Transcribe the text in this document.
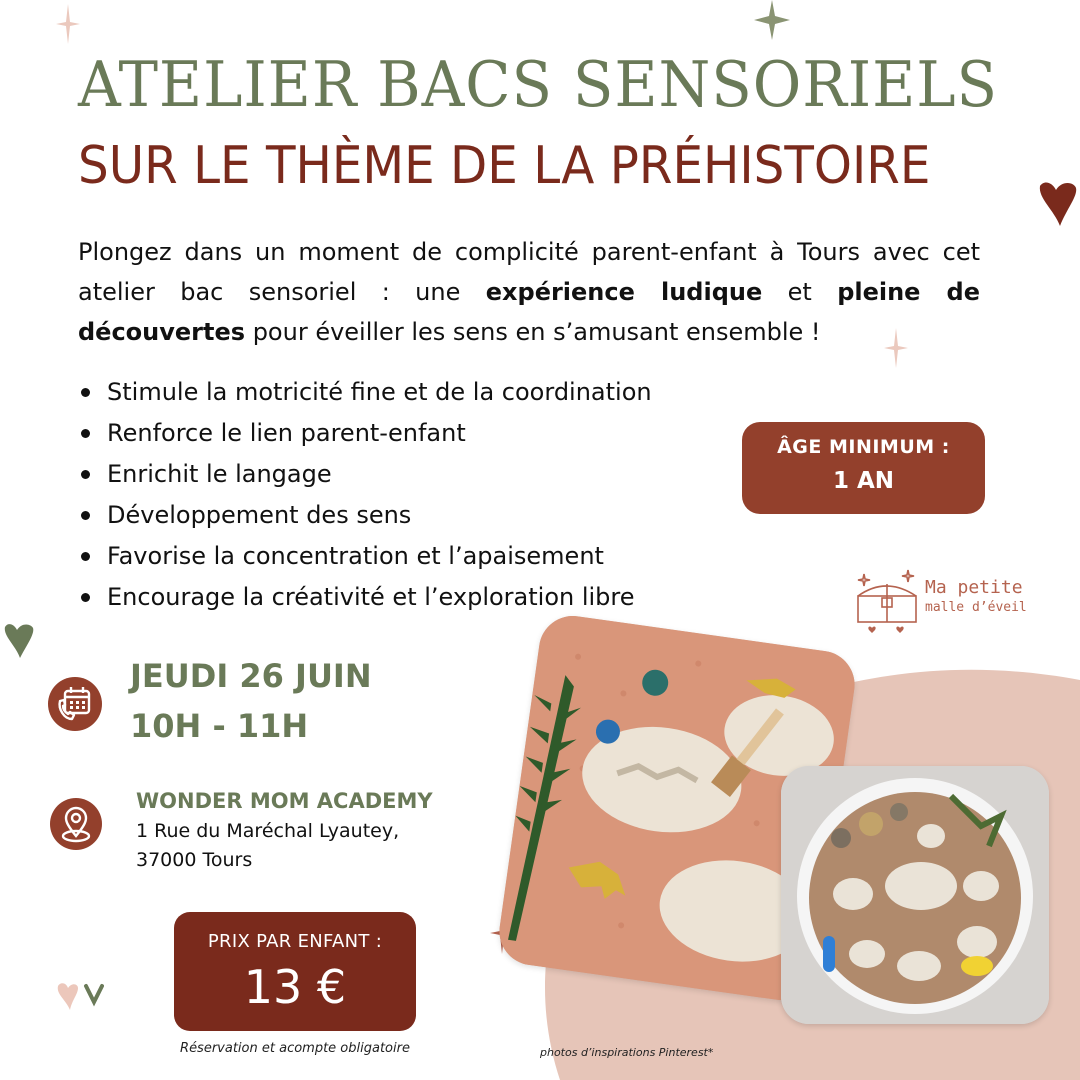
ATELIER BACS SENSORIELS
SUR LE THÈME DE LA PRÉHISTOIRE

Plongez dans un moment de complicité parent-enfant à Tours avec cet atelier bac sensoriel : une expérience ludique et pleine de découvertes pour éveiller les sens en s’amusant ensemble !

Stimule la motricité fine et de la coordination
Renforce le lien parent-enfant
Enrichit le langage
Développement des sens
Favorise la concentration et l’apaisement
Encourage la créativité et l’exploration libre
ÂGE MINIMUM :
1 AN
Ma petite
malle d’éveil
JEUDI 26 JUIN
10H - 11H
WONDER MOM ACADEMY
1 Rue du Maréchal Lyautey,
37000 Tours
PRIX PAR ENFANT :
13 €
Réservation et acompte obligatoire	photos d’inspirations Pinterest*
